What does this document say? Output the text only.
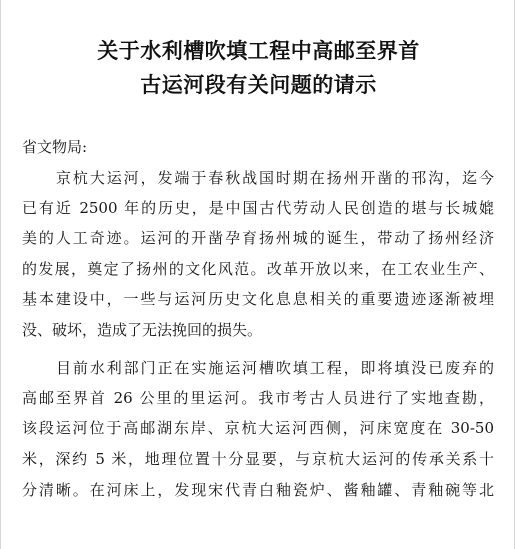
关于水利槽吹填工程中高邮至界首
古运河段有关问题的请示

省文物局:

京杭大运河，发端于春秋战国时期在扬州开凿的邗沟，迄今

已有近 2500 年的历史，是中国古代劳动人民创造的堪与长城媲

美的人工奇迹。运河的开凿孕育扬州城的诞生，带动了扬州经济

的发展，奠定了扬州的文化风范。改革开放以来，在工农业生产、

基本建设中，一些与运河历史文化息息相关的重要遗迹逐渐被埋

没、破坏，造成了无法挽回的损失。

目前水利部门正在实施运河槽吹填工程，即将填没已废弃的

高邮至界首 26 公里的里运河。我市考古人员进行了实地查勘，

该段运河位于高邮湖东岸、京杭大运河西侧，河床宽度在 30-50

米，深约 5 米，地理位置十分显要，与京杭大运河的传承关系十

分清晰。在河床上，发现宋代青白釉瓷炉、酱釉罐、青釉碗等北
